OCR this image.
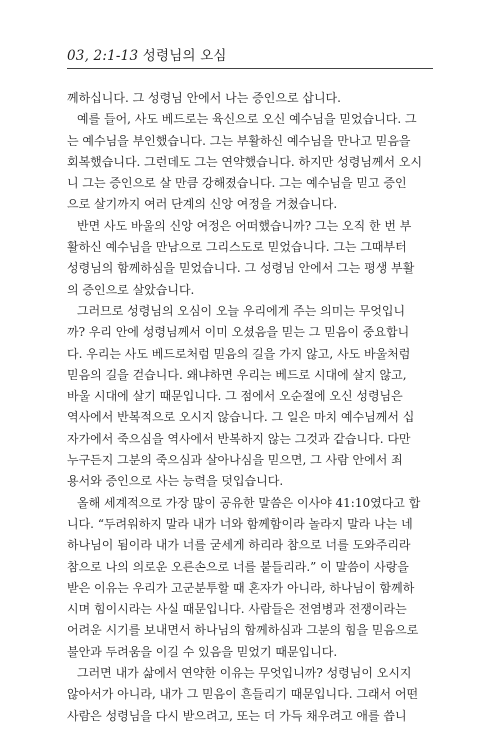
03, 2:1-13 성령님의 오심
께하십니다. 그 성령님 안에서 나는 증인으로 삽니다.
예를 들어, 사도 베드로는 육신으로 오신 예수님을 믿었습니다. 그
는 예수님을 부인했습니다. 그는 부활하신 예수님을 만나고 믿음을
회복했습니다. 그런데도 그는 연약했습니다. 하지만 성령님께서 오시
니 그는 증인으로 살 만큼 강해졌습니다. 그는 예수님을 믿고 증인
으로 살기까지 여러 단계의 신앙 여정을 거쳤습니다.
반면 사도 바울의 신앙 여정은 어떠했습니까? 그는 오직 한 번 부
활하신 예수님을 만남으로 그리스도로 믿었습니다. 그는 그때부터
성령님의 함께하심을 믿었습니다. 그 성령님 안에서 그는 평생 부활
의 증인으로 살았습니다.
그러므로 성령님의 오심이 오늘 우리에게 주는 의미는 무엇입니
까? 우리 안에 성령님께서 이미 오셨음을 믿는 그 믿음이 중요합니
다. 우리는 사도 베드로처럼 믿음의 길을 가지 않고, 사도 바울처럼
믿음의 길을 걷습니다. 왜냐하면 우리는 베드로 시대에 살지 않고,
바울 시대에 살기 때문입니다. 그 점에서 오순절에 오신 성령님은
역사에서 반복적으로 오시지 않습니다. 그 일은 마치 예수님께서 십
자가에서 죽으심을 역사에서 반복하지 않는 그것과 같습니다. 다만
누구든지 그분의 죽으심과 살아나심을 믿으면, 그 사람 안에서 죄
용서와 증인으로 사는 능력을 덧입습니다.
올해 세계적으로 가장 많이 공유한 말씀은 이사야 41:10였다고 합
니다. “두려워하지 말라 내가 너와 함께함이라 놀라지 말라 나는 네
하나님이 됨이라 내가 너를 굳세게 하리라 참으로 너를 도와주리라
참으로 나의 의로운 오른손으로 너를 붙들리라.” 이 말씀이 사랑을
받은 이유는 우리가 고군분투할 때 혼자가 아니라, 하나님이 함께하
시며 힘이시라는 사실 때문입니다. 사람들은 전염병과 전쟁이라는
어려운 시기를 보내면서 하나님의 함께하심과 그분의 힘을 믿음으로
불안과 두려움을 이길 수 있음을 믿었기 때문입니다.
그러면 내가 삶에서 연약한 이유는 무엇입니까? 성령님이 오시지
않아서가 아니라, 내가 그 믿음이 흔들리기 때문입니다. 그래서 어떤
사람은 성령님을 다시 받으려고, 또는 더 가득 채우려고 애를 씁니
